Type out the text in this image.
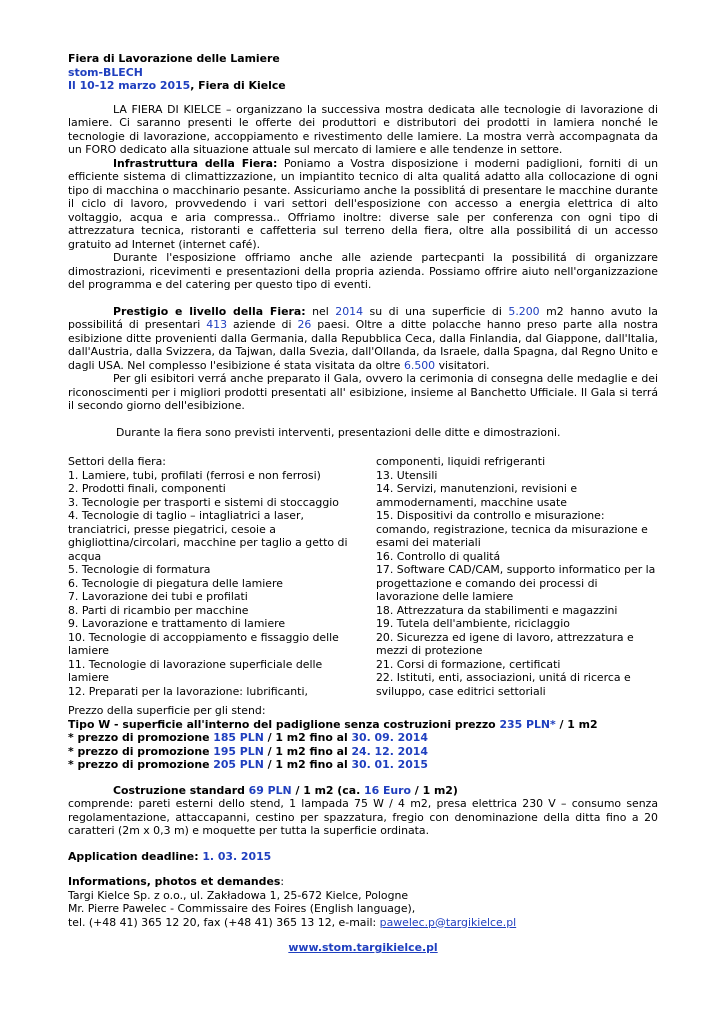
Fiera di Lavorazione delle Lamiere

stom-BLECH

Il 10-12 marzo 2015, Fiera di Kielce

LA FIERA DI KIELCE – organizzano la successiva mostra dedicata alle tecnologie di lavorazione di lamiere. Ci saranno presenti le offerte dei produttori e distributori dei prodotti in lamiera nonché le tecnologie di lavorazione, accoppiamento e rivestimento delle lamiere. La mostra verrà accompagnata da un FORO dedicato alla situazione attuale sul mercato di lamiere e alle tendenze in settore.

Infrastruttura della Fiera: Poniamo a Vostra disposizione i moderni padiglioni, forniti di un efficiente sistema di climattizzazione, un impiantito tecnico di alta qualitá adatto alla collocazione di ogni tipo di macchina o macchinario pesante. Assicuriamo anche la possiblitá di presentare le macchine durante il ciclo di lavoro, provvedendo i vari settori dell'esposizione con accesso a energia elettrica di alto voltaggio, acqua e aria compressa.. Offriamo inoltre: diverse sale per conferenza con ogni tipo di attrezzatura tecnica, ristoranti e caffetteria sul terreno della fiera, oltre alla possibilitá di un accesso gratuito ad Internet (internet café).

Durante l'esposizione offriamo anche alle aziende partecpanti la possibilitá di organizzare dimostrazioni, ricevimenti e presentazioni della propria azienda. Possiamo offrire aiuto nell'organizzazione del programma e del catering per questo tipo di eventi.

Prestigio e livello della Fiera: nel 2014 su di una superficie di 5.200 m2 hanno avuto la possibilitá di presentari 413 aziende di 26 paesi. Oltre a ditte polacche hanno preso parte alla nostra esibizione ditte provenienti dalla Germania, dalla Repubblica Ceca, dalla Finlandia, dal Giappone, dall'Italia, dall'Austria, dalla Svizzera, da Tajwan, dalla Svezia, dall'Ollanda, da Israele, dalla Spagna, dal Regno Unito e dagli USA. Nel complesso l'esibizione é stata visitata da oltre 6.500 visitatori.

Per gli esibitori verrá anche preparato il Gala, ovvero la cerimonia di consegna delle medaglie e dei riconoscimenti per i migliori prodotti presentati all' esibizione, insieme al Banchetto Ufficiale. Il Gala si terrá il secondo giorno dell'esibizione.

Durante la fiera sono previsti interventi, presentazioni delle ditte e dimostrazioni.

Settori della fiera:

1. Lamiere, tubi, profilati (ferrosi e non ferrosi)
2. Prodotti finali, componenti
3. Tecnologie per trasporti e sistemi di stoccaggio
4. Tecnologie di taglio – intagliatrici a laser, tranciatrici, presse piegatrici, cesoie a ghigliottina/circolari, macchine per taglio a getto di acqua
5. Tecnologie di formatura
6. Tecnologie di piegatura delle lamiere
7. Lavorazione dei tubi e profilati
8. Parti di ricambio per macchine
9. Lavorazione e trattamento di lamiere
10. Tecnologie di accoppiamento e fissaggio delle lamiere
11. Tecnologie di lavorazione superficiale delle lamiere
12. Preparati per la lavorazione: lubrificanti,
componenti, liquidi refrigeranti
13. Utensili
14. Servizi, manutenzioni, revisioni e ammodernamenti, macchine usate
15. Dispositivi da controllo e misurazione: comando, registrazione, tecnica da misurazione e esami dei materiali
16. Controllo di qualitá
17. Software CAD/CAM, supporto informatico per la progettazione e comando dei processi di lavorazione delle lamiere
18. Attrezzatura da stabilimenti e magazzini
19. Tutela dell'ambiente, riciclaggio
20. Sicurezza ed igene di lavoro, attrezzatura e mezzi di protezione
21. Corsi di formazione, certificati
22. Istituti, enti, associazioni, unitá di ricerca e sviluppo, case editrici settoriali

Prezzo della superficie per gli stend:

Tipo W - superficie all'interno del padiglione senza costruzioni prezzo 235 PLN* / 1 m2

* prezzo di promozione 185 PLN / 1 m2 fino al 30. 09. 2014

* prezzo di promozione 195 PLN / 1 m2 fino al 24. 12. 2014

* prezzo di promozione 205 PLN / 1 m2 fino al 30. 01. 2015

Costruzione standard 69 PLN / 1 m2 (ca. 16 Euro / 1 m2)

comprende: pareti esterni dello stend, 1 lampada 75 W / 4 m2, presa elettrica 230 V – consumo senza regolamentazione, attaccapanni, cestino per spazzatura, fregio con denominazione della ditta fino a 20 caratteri (2m x 0,3 m) e moquette per tutta la superficie ordinata.

Application deadline: 1. 03. 2015

Informations, photos et demandes:

Targi Kielce Sp. z o.o., ul. Zakładowa 1, 25-672 Kielce, Pologne

Mr. Pierre Pawelec - Commissaire des Foires (English language),

tel. (+48 41) 365 12 20, fax (+48 41) 365 13 12, e-mail: pawelec.p@targikielce.pl

www.stom.targikielce.pl
